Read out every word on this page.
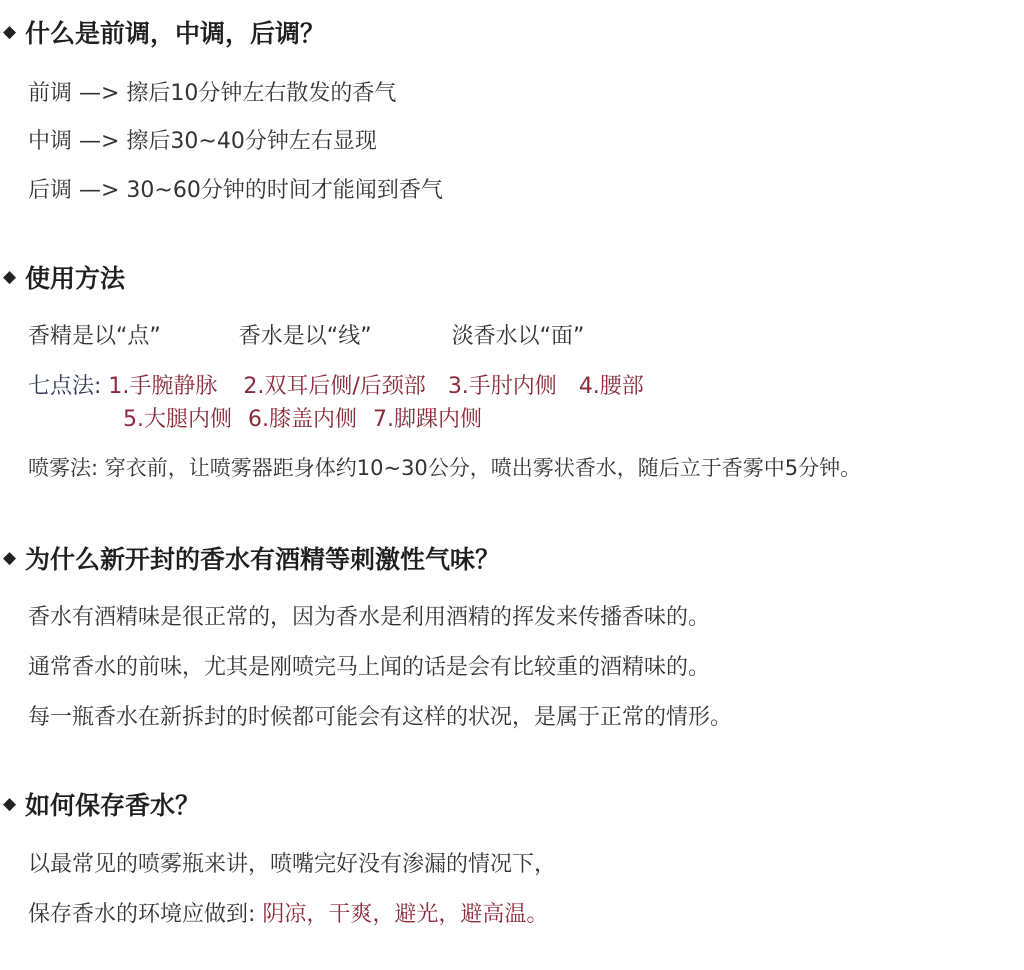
◆ 什么是前调，中调，后调？
前调 —> 擦后10分钟左右散发的香气
中调 —> 擦后30~40分钟左右显现
后调 —> 30~60分钟的时间才能闻到香气
◆ 使用方法
香精是以“点”	香水是以“线”	淡香水以“面”
七点法: 1.手腕静脉 2.双耳后侧/后颈部 3.手肘内侧 4.腰部
5.大腿内侧 6.膝盖内侧 7.脚踝内侧
喷雾法: 穿衣前，让喷雾器距身体约10~30公分，喷出雾状香水，随后立于香雾中5分钟。
◆ 为什么新开封的香水有酒精等刺激性气味？
香水有酒精味是很正常的，因为香水是利用酒精的挥发来传播香味的。
通常香水的前味，尤其是刚喷完马上闻的话是会有比较重的酒精味的。
每一瓶香水在新拆封的时候都可能会有这样的状况，是属于正常的情形。
◆ 如何保存香水？
以最常见的喷雾瓶来讲，喷嘴完好没有渗漏的情况下，
保存香水的环境应做到: 阴凉，干爽，避光，避高温。
